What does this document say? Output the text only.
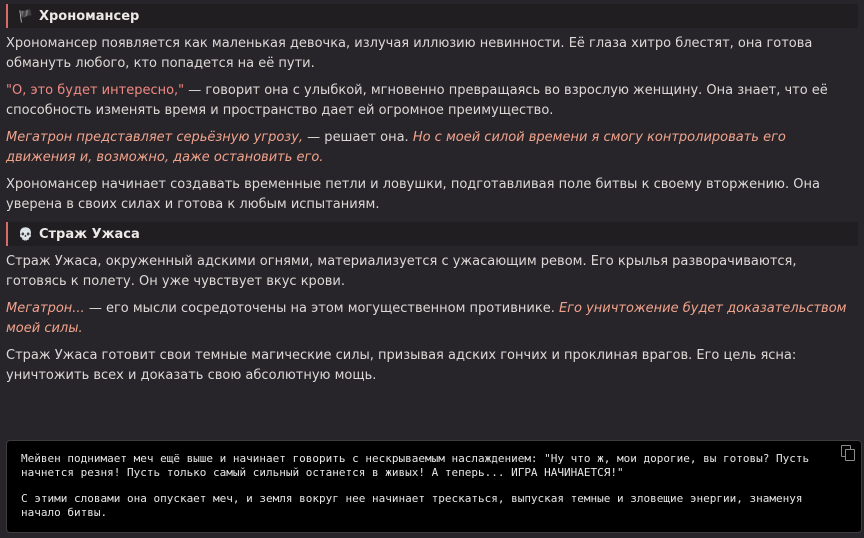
🏴 Хрономансер

Хрономансер появляется как маленькая девочка, излучая иллюзию невинности. Её глаза хитро блестят, она готова обмануть любого, кто попадется на её пути.

"О, это будет интересно," — говорит она с улыбкой, мгновенно превращаясь во взрослую женщину. Она знает, что её способность изменять время и пространство дает ей огромное преимущество.

Мегатрон представляет серьёзную угрозу, — решает она. Но с моей силой времени я смогу контролировать его движения и, возможно, даже остановить его.

Хрономансер начинает создавать временные петли и ловушки, подготавливая поле битвы к своему вторжению. Она уверена в своих силах и готова к любым испытаниям.

💀 Страж Ужаса

Страж Ужаса, окруженный адскими огнями, материализуется с ужасающим ревом. Его крылья разворачиваются, готовясь к полету. Он уже чувствует вкус крови.

Мегатрон... — его мысли сосредоточены на этом могущественном противнике. Его уничтожение будет доказательством моей силы.

Страж Ужаса готовит свои темные магические силы, призывая адских гончих и проклиная врагов. Его цель ясна: уничтожить всех и доказать свою абсолютную мощь.

Мейвен поднимает меч ещё выше и начинает говорить с нескрываемым наслаждением: "Ну что ж, мои дорогие, вы готовы? Пусть начнется резня! Пусть только самый сильный останется в живых! А теперь... ИГРА НАЧИНАЕТСЯ!"
С этими словами она опускает меч, и земля вокруг нее начинает трескаться, выпуская темные и зловещие энергии, знаменуя начало битвы.
